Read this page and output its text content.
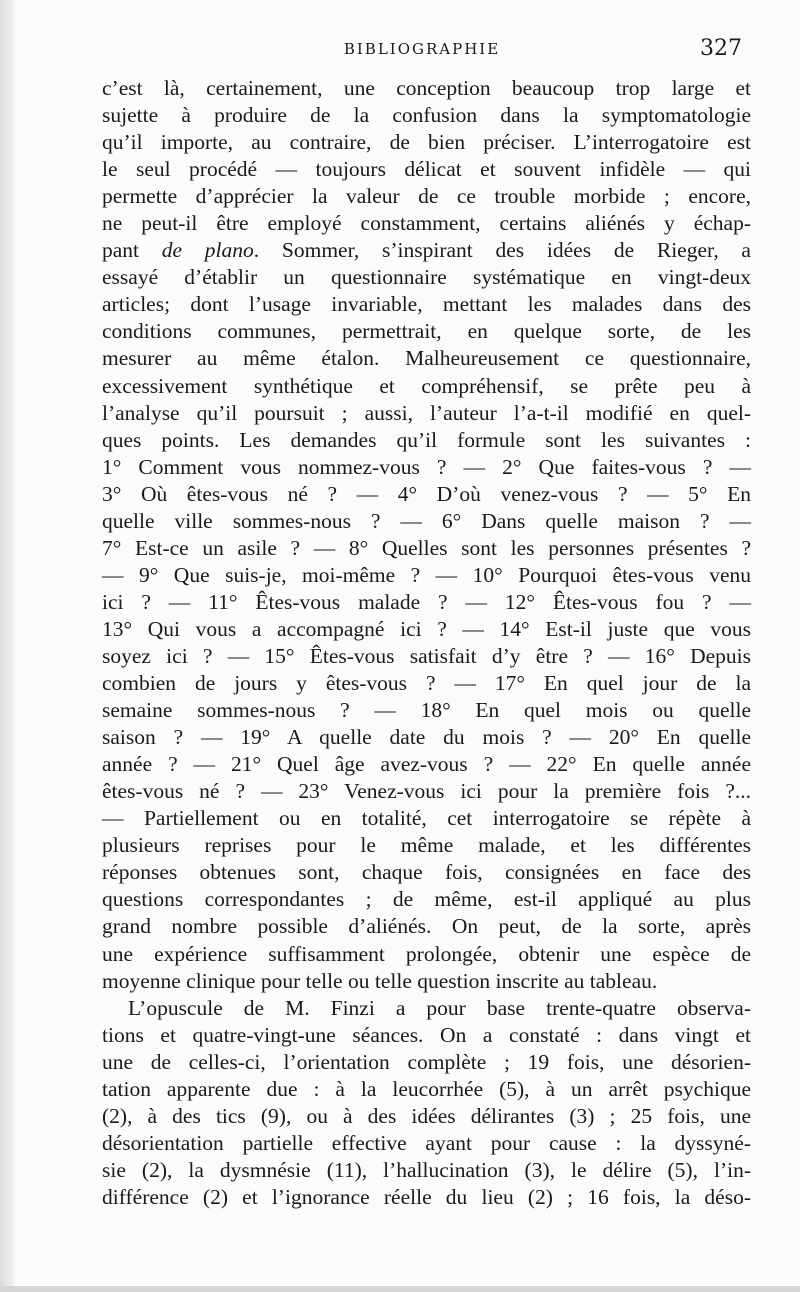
BIBLIOGRAPHIE	327
c’est là, certainement, une conception beaucoup trop large et
sujette à produire de la confusion dans la symptomatologie
qu’il importe, au contraire, de bien préciser. L’interrogatoire est
le seul procédé — toujours délicat et souvent infidèle — qui
permette d’apprécier la valeur de ce trouble morbide ; encore,
ne peut-il être employé constamment, certains aliénés y échap-
pant de plano. Sommer, s’inspirant des idées de Rieger, a
essayé d’établir un questionnaire systématique en vingt-deux
articles; dont l’usage invariable, mettant les malades dans des
conditions communes, permettrait, en quelque sorte, de les
mesurer au même étalon. Malheureusement ce questionnaire,
excessivement synthétique et compréhensif, se prête peu à
l’analyse qu’il poursuit ; aussi, l’auteur l’a-t-il modifié en quel-
ques points. Les demandes qu’il formule sont les suivantes :
1° Comment vous nommez-vous ? — 2° Que faites-vous ? —
3° Où êtes-vous né ? — 4° D’où venez-vous ? — 5° En
quelle ville sommes-nous ? — 6° Dans quelle maison ? —
7° Est-ce un asile ? — 8° Quelles sont les personnes présentes ?
— 9° Que suis-je, moi-même ? — 10° Pourquoi êtes-vous venu
ici ? — 11° Êtes-vous malade ? — 12° Êtes-vous fou ? —
13° Qui vous a accompagné ici ? — 14° Est-il juste que vous
soyez ici ? — 15° Êtes-vous satisfait d’y être ? — 16° Depuis
combien de jours y êtes-vous ? — 17° En quel jour de la
semaine sommes-nous ? — 18° En quel mois ou quelle
saison ? — 19° A quelle date du mois ? — 20° En quelle
année ? — 21° Quel âge avez-vous ? — 22° En quelle année
êtes-vous né ? — 23° Venez-vous ici pour la première fois ?...
— Partiellement ou en totalité, cet interrogatoire se répète à
plusieurs reprises pour le même malade, et les différentes
réponses obtenues sont, chaque fois, consignées en face des
questions correspondantes ; de même, est-il appliqué au plus
grand nombre possible d’aliénés. On peut, de la sorte, après
une expérience suffisamment prolongée, obtenir une espèce de
moyenne clinique pour telle ou telle question inscrite au tableau.
L’opuscule de M. Finzi a pour base trente-quatre observa-
tions et quatre-vingt-une séances. On a constaté : dans vingt et
une de celles-ci, l’orientation complète ; 19 fois, une désorien-
tation apparente due : à la leucorrhée (5), à un arrêt psychique
(2), à des tics (9), ou à des idées délirantes (3) ; 25 fois, une
désorientation partielle effective ayant pour cause : la dyssyné-
sie (2), la dysmnésie (11), l’hallucination (3), le délire (5), l’in-
différence (2) et l’ignorance réelle du lieu (2) ; 16 fois, la déso-
